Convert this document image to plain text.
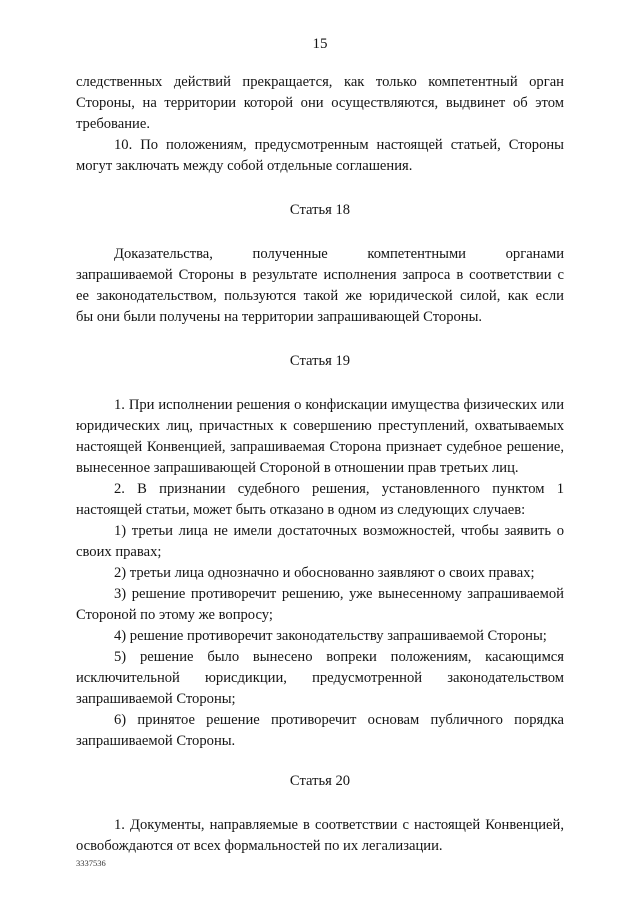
15

следственных действий прекращается, как только компетентный орган

Стороны, на территории которой они осуществляются, выдвинет об этом требование.

10. По положениям, предусмотренным настоящей статьей, Стороны могут заключать между собой отдельные соглашения.

Статья 18

Доказательства, полученные компетентными органами

запрашиваемой Стороны в результате исполнения запроса в соответствии с

ее законодательством, пользуются такой же юридической силой, как если

бы они были получены на территории запрашивающей Стороны.

Статья 19

1. При исполнении решения о конфискации имущества физических или юридических лиц, причастных к совершению преступлений, охватываемых настоящей Конвенцией, запрашиваемая Сторона признает судебное решение, вынесенное запрашивающей Стороной в отношении прав третьих лиц.

2. В признании судебного решения, установленного пунктом 1 настоящей статьи, может быть отказано в одном из следующих случаев:

1) третьи лица не имели достаточных возможностей, чтобы заявить о своих правах;

2) третьи лица однозначно и обоснованно заявляют о своих правах;

3) решение противоречит решению, уже вынесенному запрашиваемой Стороной по этому же вопросу;

4) решение противоречит законодательству запрашиваемой Стороны;

5) решение было вынесено вопреки положениям, касающимся исключительной юрисдикции, предусмотренной законодательством запрашиваемой Стороны;

6) принятое решение противоречит основам публичного порядка запрашиваемой Стороны.

Статья 20

1. Документы, направляемые в соответствии с настоящей Конвенцией, освобождаются от всех формальностей по их легализации.

3337536
